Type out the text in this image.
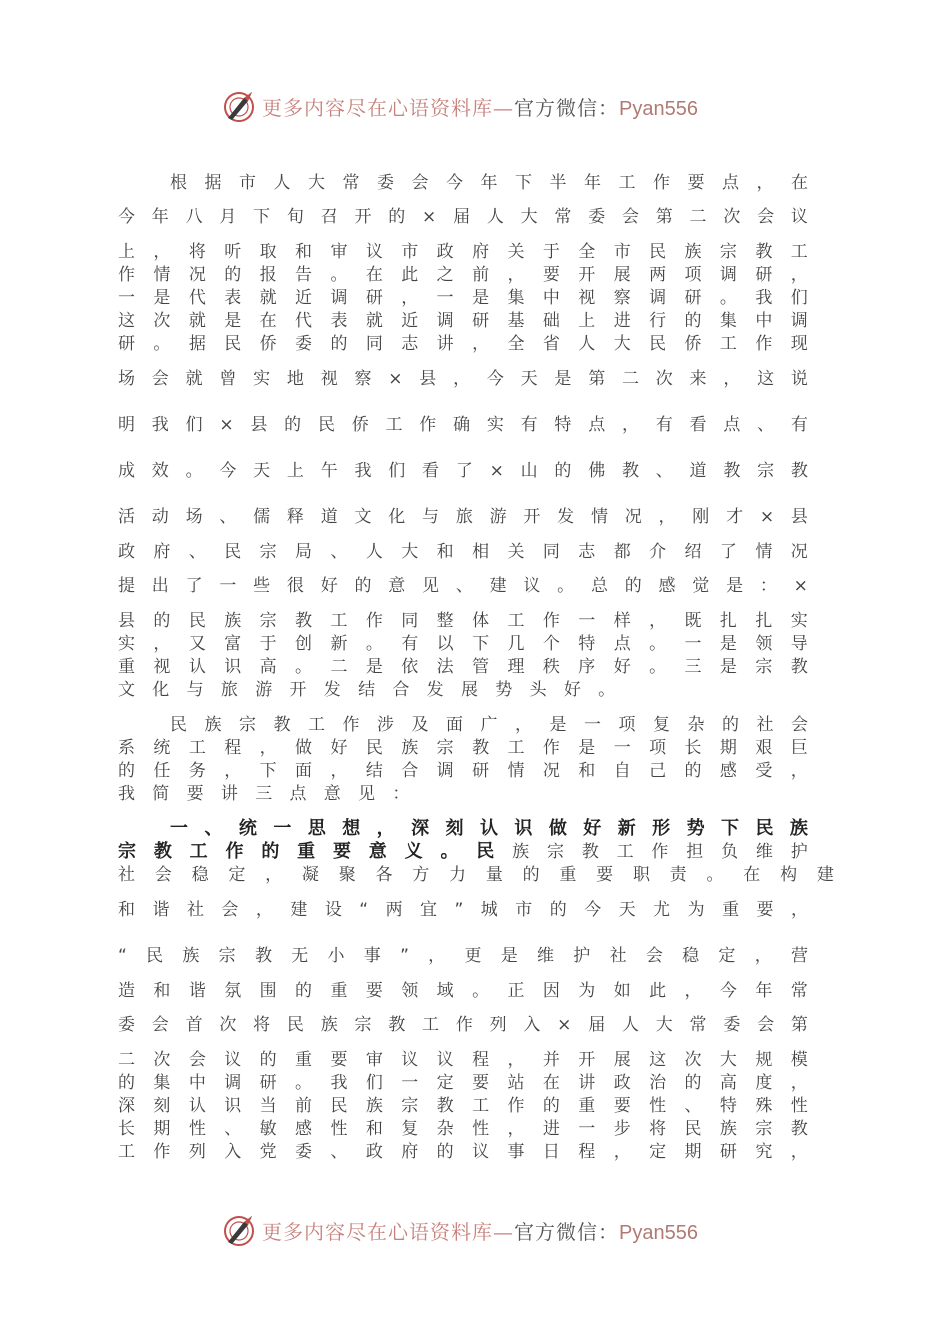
更多内容尽在心语资料库—官方微信：Pyan556
根 据 市 人 大 常 委 会 今 年 下 半 年 工 作 要 点 ， 在
今 年 八 月 下 旬 召 开 的 × 届 人 大 常 委 会 第 二 次 会 议
上 ， 将 听 取 和 审 议 市 政 府 关 于 全 市 民 族 宗 教 工
作 情 况 的 报 告 。 在 此 之 前 ， 要 开 展 两 项 调 研 ，
一 是 代 表 就 近 调 研 ， 一 是 集 中 视 察 调 研 。 我 们
这 次 就 是 在 代 表 就 近 调 研 基 础 上 进 行 的 集 中 调
研 。 据 民 侨 委 的 同 志 讲 ， 全 省 人 大 民 侨 工 作 现
场 会 就 曾 实 地 视 察 × 县 ， 今 天 是 第 二 次 来 ， 这 说
明 我 们 × 县 的 民 侨 工 作 确 实 有 特 点 ， 有 看 点 、 有
成 效 。 今 天 上 午 我 们 看 了 × 山 的 佛 教 、 道 教 宗 教
活 动 场 、 儒 释 道 文 化 与 旅 游 开 发 情 况 ， 刚 才 × 县
政 府 、 民 宗 局 、 人 大 和 相 关 同 志 都 介 绍 了 情 况
提 出 了 一 些 很 好 的 意 见 、 建 议 。 总 的 感 觉 是 ： ×
县 的 民 族 宗 教 工 作 同 整 体 工 作 一 样 ， 既 扎 扎 实
实 ， 又 富 于 创 新 。 有 以 下 几 个 特 点 。 一 是 领 导
重 视 认 识 高 。 二 是 依 法 管 理 秩 序 好 。 三 是 宗 教
文 化 与 旅 游 开 发 结 合 发 展 势 头 好 。
民 族 宗 教 工 作 涉 及 面 广 ， 是 一 项 复 杂 的 社 会
系 统 工 程 ， 做 好 民 族 宗 教 工 作 是 一 项 长 期 艰 巨
的 任 务 ， 下 面 ， 结 合 调 研 情 况 和 自 己 的 感 受 ，
我 简 要 讲 三 点 意 见 ：
一 、 统 一 思 想 ， 深 刻 认 识 做 好 新 形 势 下 民 族
宗 教 工 作 的 重 要 意 义 。 民 族 宗 教 工 作 担 负 维 护
社 会 稳 定 ， 凝 聚 各 方 力 量 的 重 要 职 责 。 在 构 建
和 谐 社 会 ， 建 设 “ 两 宜 ” 城 市 的 今 天 尤 为 重 要 ，
“ 民 族 宗 教 无 小 事 ” ， 更 是 维 护 社 会 稳 定 ， 营
造 和 谐 氛 围 的 重 要 领 域 。 正 因 为 如 此 ， 今 年 常
委 会 首 次 将 民 族 宗 教 工 作 列 入 × 届 人 大 常 委 会 第
二 次 会 议 的 重 要 审 议 议 程 ， 并 开 展 这 次 大 规 模
的 集 中 调 研 。 我 们 一 定 要 站 在 讲 政 治 的 高 度 ，
深 刻 认 识 当 前 民 族 宗 教 工 作 的 重 要 性 、 特 殊 性
长 期 性 、 敏 感 性 和 复 杂 性 ， 进 一 步 将 民 族 宗 教
工 作 列 入 党 委 、 政 府 的 议 事 日 程 ， 定 期 研 究 ，
更多内容尽在心语资料库—官方微信：Pyan556
